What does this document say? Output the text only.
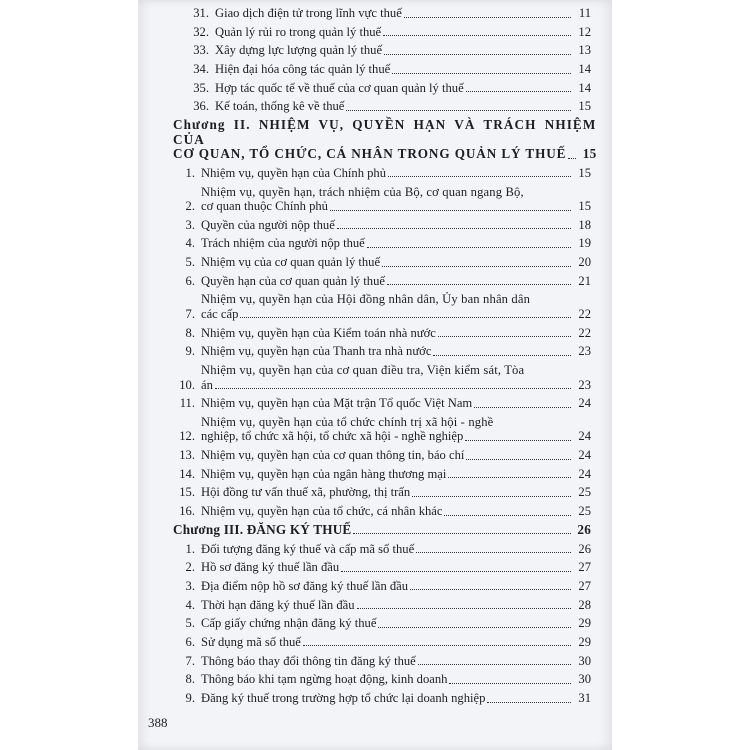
31. Giao dịch điện tử trong lĩnh vực thuế	11
32. Quản lý rủi ro trong quản lý thuế	12
33. Xây dựng lực lượng quản lý thuế	13
34. Hiện đại hóa công tác quản lý thuế	14
35. Hợp tác quốc tế về thuế của cơ quan quản lý thuế	14
36. Kế toán, thống kê về thuế	15
Chương II. NHIỆM VỤ, QUYỀN HẠN VÀ TRÁCH NHIỆM CỦA
CƠ QUAN, TỔ CHỨC, CÁ NHÂN TRONG QUẢN LÝ THUẾ	15
1. Nhiệm vụ, quyền hạn của Chính phủ	15
2.
Nhiệm vụ, quyền hạn, trách nhiệm của Bộ, cơ quan ngang Bộ,
cơ quan thuộc Chính phủ	15
3. Quyền của người nộp thuế	18
4. Trách nhiệm của người nộp thuế	19
5. Nhiệm vụ của cơ quan quản lý thuế	20
6. Quyền hạn của cơ quan quản lý thuế	21
7.
Nhiệm vụ, quyền hạn của Hội đồng nhân dân, Ủy ban nhân dân
các cấp	22
8. Nhiệm vụ, quyền hạn của Kiểm toán nhà nước	22
9. Nhiệm vụ, quyền hạn của Thanh tra nhà nước	23
10.
Nhiệm vụ, quyền hạn của cơ quan điều tra, Viện kiểm sát, Tòa
án	23
11. Nhiệm vụ, quyền hạn của Mặt trận Tổ quốc Việt Nam	24
12.
Nhiệm vụ, quyền hạn của tổ chức chính trị xã hội - nghề
nghiệp, tổ chức xã hội, tổ chức xã hội - nghề nghiệp	24
13. Nhiệm vụ, quyền hạn của cơ quan thông tin, báo chí	24
14. Nhiệm vụ, quyền hạn của ngân hàng thương mại	24
15. Hội đồng tư vấn thuế xã, phường, thị trấn	25
16. Nhiệm vụ, quyền hạn của tổ chức, cá nhân khác	25
Chương III. ĐĂNG KÝ THUẾ	26
1. Đối tượng đăng ký thuế và cấp mã số thuế	26
2. Hồ sơ đăng ký thuế lần đầu	27
3. Địa điểm nộp hồ sơ đăng ký thuế lần đầu	27
4. Thời hạn đăng ký thuế lần đầu	28
5. Cấp giấy chứng nhận đăng ký thuế	29
6. Sử dụng mã số thuế	29
7. Thông báo thay đổi thông tin đăng ký thuế	30
8. Thông báo khi tạm ngừng hoạt động, kinh doanh	30
9. Đăng ký thuế trong trường hợp tổ chức lại doanh nghiệp	31
388
